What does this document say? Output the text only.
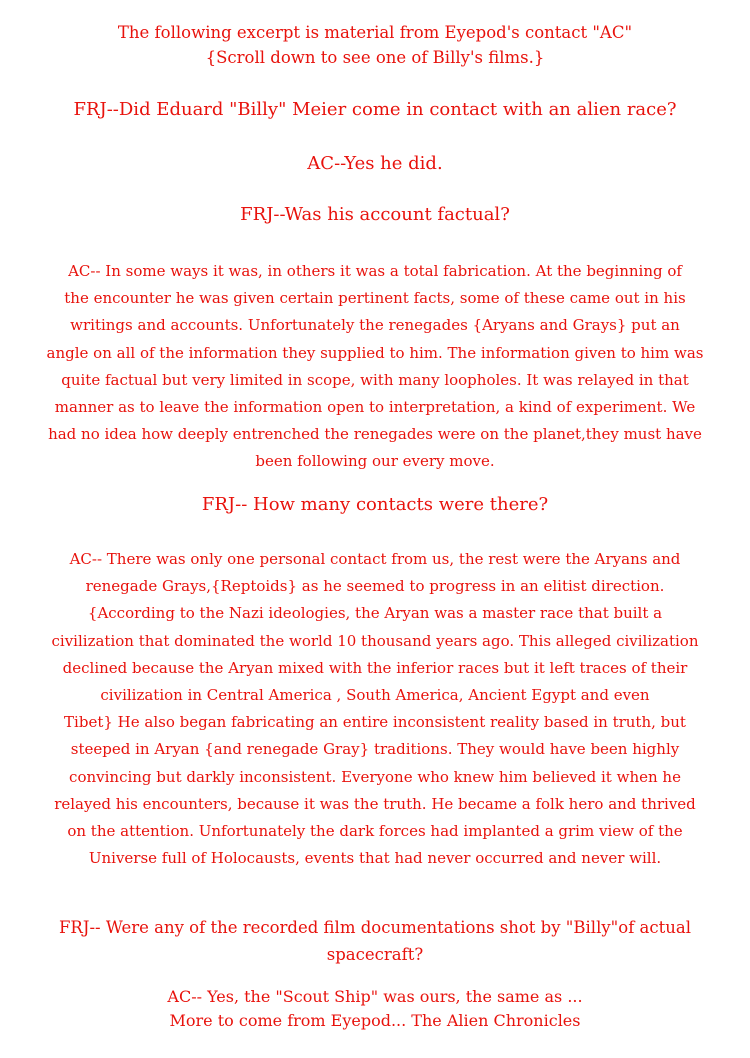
The following excerpt is material from Eyepod's contact "AC"
{Scroll down to see one of Billy's films.}
FRJ--Did Eduard "Billy" Meier come in contact with an alien race?
AC--Yes he did.
FRJ--Was his account factual?
AC-- In some ways it was, in others it was a total fabrication. At the beginning of
the encounter he was given certain pertinent facts, some of these came out in his
writings and accounts. Unfortunately the renegades {Aryans and Grays} put an
angle on all of the information they supplied to him. The information given to him was
quite factual but very limited in scope, with many loopholes. It was relayed in that
manner as to leave the information open to interpretation, a kind of experiment. We
had no idea how deeply entrenched the renegades were on the planet,they must have
been following our every move.
FRJ-- How many contacts were there?
AC-- There was only one personal contact from us, the rest were the Aryans and
renegade Grays,{Reptoids} as he seemed to progress in an elitist direction.
{According to the Nazi ideologies, the Aryan was a master race that built a
civilization that dominated the world 10 thousand years ago. This alleged civilization
declined because the Aryan mixed with the inferior races but it left traces of their
civilization in Central America , South America, Ancient Egypt and even
Tibet} He also began fabricating an entire inconsistent reality based in truth, but
steeped in Aryan {and renegade Gray} traditions. They would have been highly
convincing but darkly inconsistent. Everyone who knew him believed it when he
relayed his encounters, because it was the truth. He became a folk hero and thrived
on the attention. Unfortunately the dark forces had implanted a grim view of the
Universe full of Holocausts, events that had never occurred and never will.
FRJ-- Were any of the recorded film documentations shot by "Billy"of actual
spacecraft?
AC-- Yes, the "Scout Ship" was ours, the same as ...
More to come from Eyepod... The Alien Chronicles
